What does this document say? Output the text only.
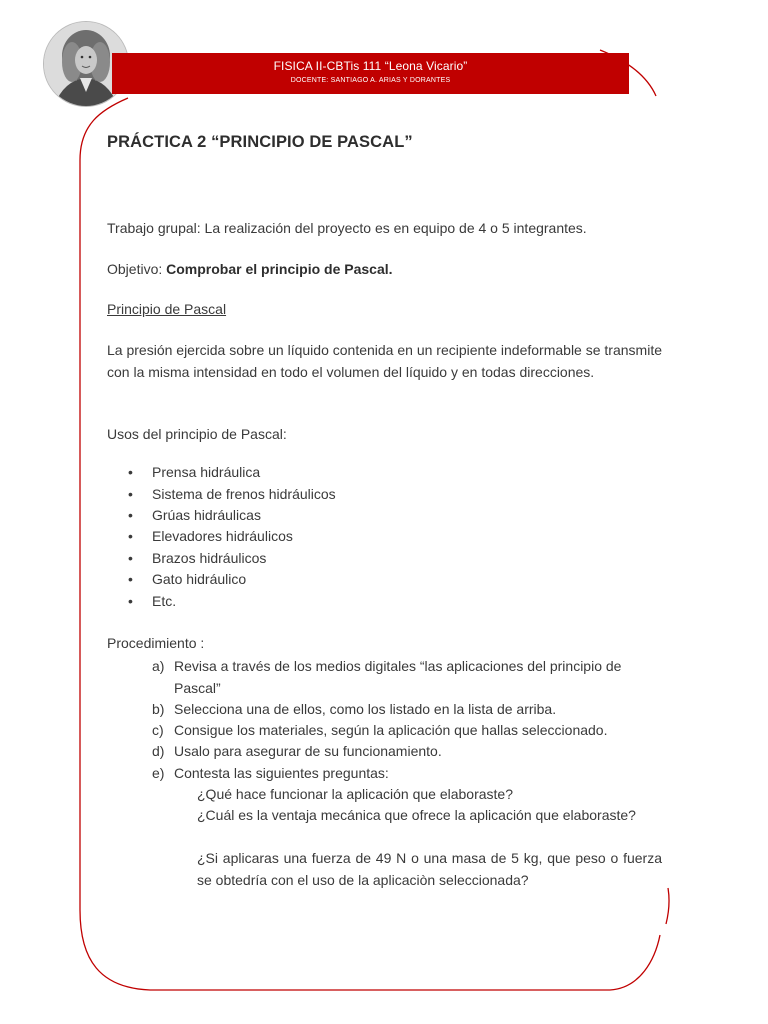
FISICA II-CBTis 111 “Leona Vicario”
DOCENTE: SANTIAGO A. ARIAS Y DORANTES
PRÁCTICA 2 “PRINCIPIO DE PASCAL”
Trabajo grupal: La realización del proyecto es en equipo de 4 o 5 integrantes.
Objetivo: Comprobar el principio de Pascal.
Principio de Pascal
La presión ejercida sobre un líquido contenida en un recipiente indeformable se transmite con la misma intensidad en todo el volumen del líquido y en todas direcciones.
Usos del principio de Pascal:
• Prensa hidráulica
• Sistema de frenos hidráulicos
• Grúas hidráulicas
• Elevadores hidráulicos
• Brazos hidráulicos
• Gato hidráulico
• Etc.
Procedimiento :
a) Revisa a través de los medios digitales “las aplicaciones del principio de Pascal”
b) Selecciona una de ellos, como los listado en la lista de arriba.
c) Consigue los materiales, según la aplicación que hallas seleccionado.
d) Usalo para asegurar de su funcionamiento.
e) Contesta las siguientes preguntas:
¿Qué hace funcionar la aplicación que elaboraste?
¿Cuál es la ventaja mecánica que ofrece la aplicación que elaboraste?
¿Si aplicaras una fuerza de 49 N o una masa de 5 kg, que peso o fuerza se obtedría con el uso de la aplicaciòn seleccionada?
